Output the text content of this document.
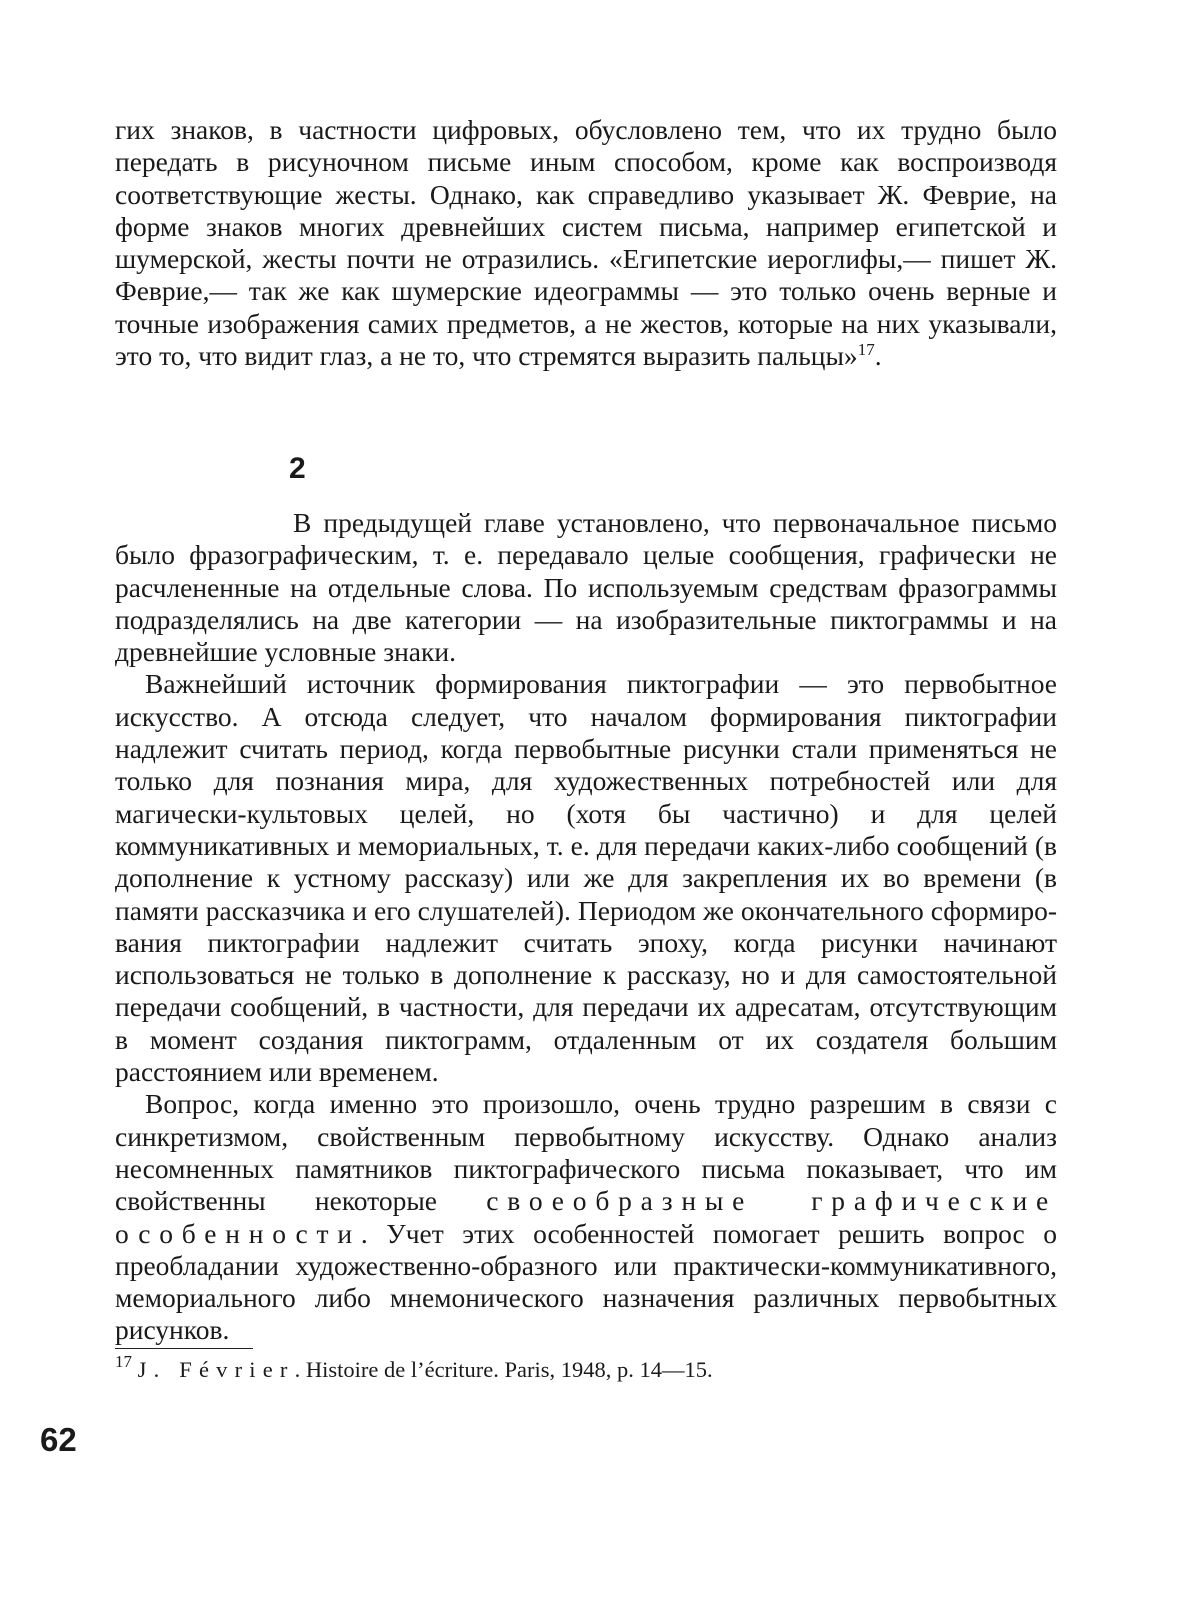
гих знаков, в частности цифровых, обусловлено тем, что их трудно было передать в рисуночном письме иным способом, кроме как воспроизводя соответствующие жесты. Однако, как справедливо указывает Ж. Феврие, на форме знаков многих древнейших систем письма, например египетской и шумерской, жесты почти не отразились. «Египетские иероглифы,— пишет Ж. Феврие,— так же как шумерские идеограммы — это только очень верные и точные изображения самих предметов, а не жестов, которые на них указывали, это то, что видит глаз, а не то, что стремятся выразить пальцы»$^{17}$.

2

В предыдущей главе установлено, что первоначальное письмо было фразографическим, т. е. передавало целые сообщения, графически не расчлененные на отдельные слова. По используемым средствам фразограммы подразделялись на две категории — на изобразительные пиктограммы и на древнейшие условные знаки.

Важнейший источник формирования пиктографии — это первобытное искусство. А отсюда следует, что началом формирования пиктографии надлежит считать период, когда первобытные рисунки стали применяться не только для познания мира, для художественных потребностей или для магически-культовых целей, но (хотя бы частично) и для целей коммуникативных и мемориальных, т. е. для передачи каких-либо сообщений (в дополнение к устному рассказу) или же для закрепления их во времени (в памяти рассказчика и его слушателей). Периодом же окончательного сформирования пиктографии надлежит считать эпоху, когда рисунки начинают использоваться не только в дополнение к рассказу, но и для самостоятельной передачи сообщений, в частности, для передачи их адресатам, отсутствующим в момент создания пиктограмм, отдаленным от их создателя большим расстоянием или временем.

Вопрос, когда именно это произошло, очень трудно разрешим в связи с синкретизмом, свойственным первобытному искусству. Однако анализ несомненных памятников пиктографического письма показывает, что им свойственны некоторые своеобразные графические особенности. Учет этих особенностей помогает решить вопрос о преобладании художественно-образного или практически-коммуникативного, мемориального либо мнемонического назначения различных первобытных рисунков.

$^{17}$ J. Février. Histoire de l’écriture. Paris, 1948, p. 14—15.
62
